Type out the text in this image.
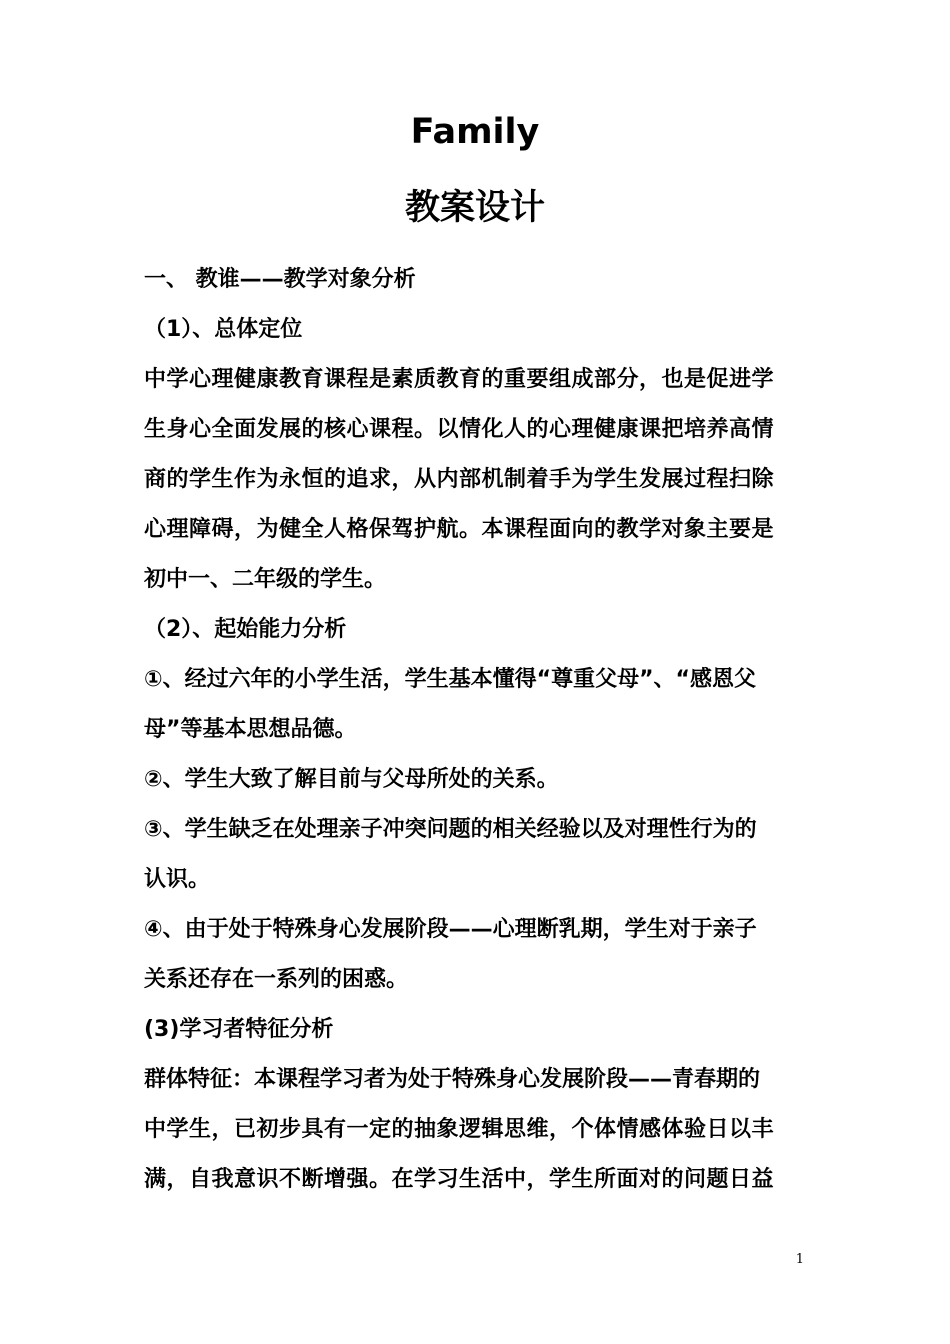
Family
教案设计

一、 教谁——教学对象分析

（1）、总体定位

中学心理健康教育课程是素质教育的重要组成部分，也是促进学

生身心全面发展的核心课程。以情化人的心理健康课把培养高情

商的学生作为永恒的追求，从内部机制着手为学生发展过程扫除

心理障碍，为健全人格保驾护航。本课程面向的教学对象主要是

初中一、二年级的学生。

（2）、起始能力分析

①、经过六年的小学生活，学生基本懂得“尊重父母”、“感恩父

母”等基本思想品德。

②、学生大致了解目前与父母所处的关系。

③、学生缺乏在处理亲子冲突问题的相关经验以及对理性行为的

认识。

④、由于处于特殊身心发展阶段——心理断乳期，学生对于亲子

关系还存在一系列的困惑。

(3)学习者特征分析

群体特征：本课程学习者为处于特殊身心发展阶段——青春期的

中学生，已初步具有一定的抽象逻辑思维，个体情感体验日以丰

满，自我意识不断增强。在学习生活中，学生所面对的问题日益

1
